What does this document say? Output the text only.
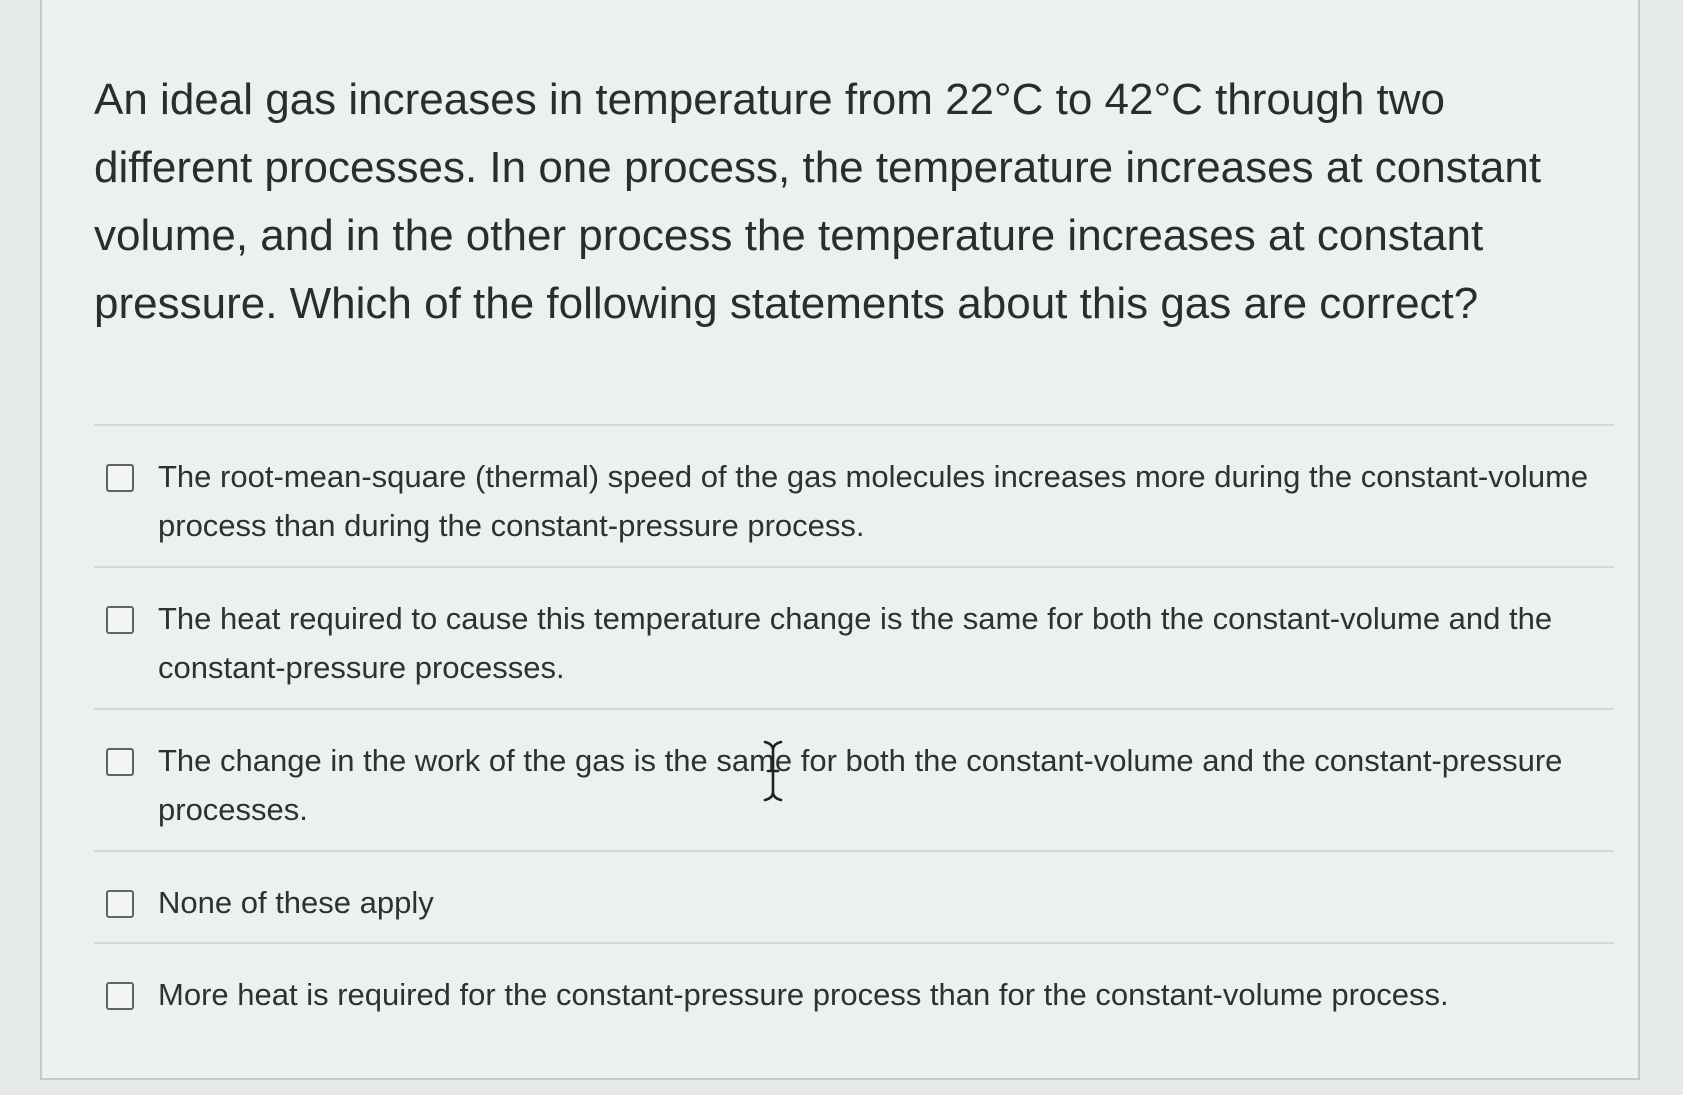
An ideal gas increases in temperature from 22°C to 42°C through two different processes. In one process, the temperature increases at constant volume, and in the other process the temperature increases at constant pressure. Which of the following statements about this gas are correct?

The root-mean-square (thermal) speed of the gas molecules increases more during the constant-volume process than during the constant-pressure process.
The heat required to cause this temperature change is the same for both the constant-volume and the constant-pressure processes.
The change in the work of the gas is the same for both the constant-volume and the constant-pressure processes.
None of these apply
More heat is required for the constant-pressure process than for the constant-volume process.
